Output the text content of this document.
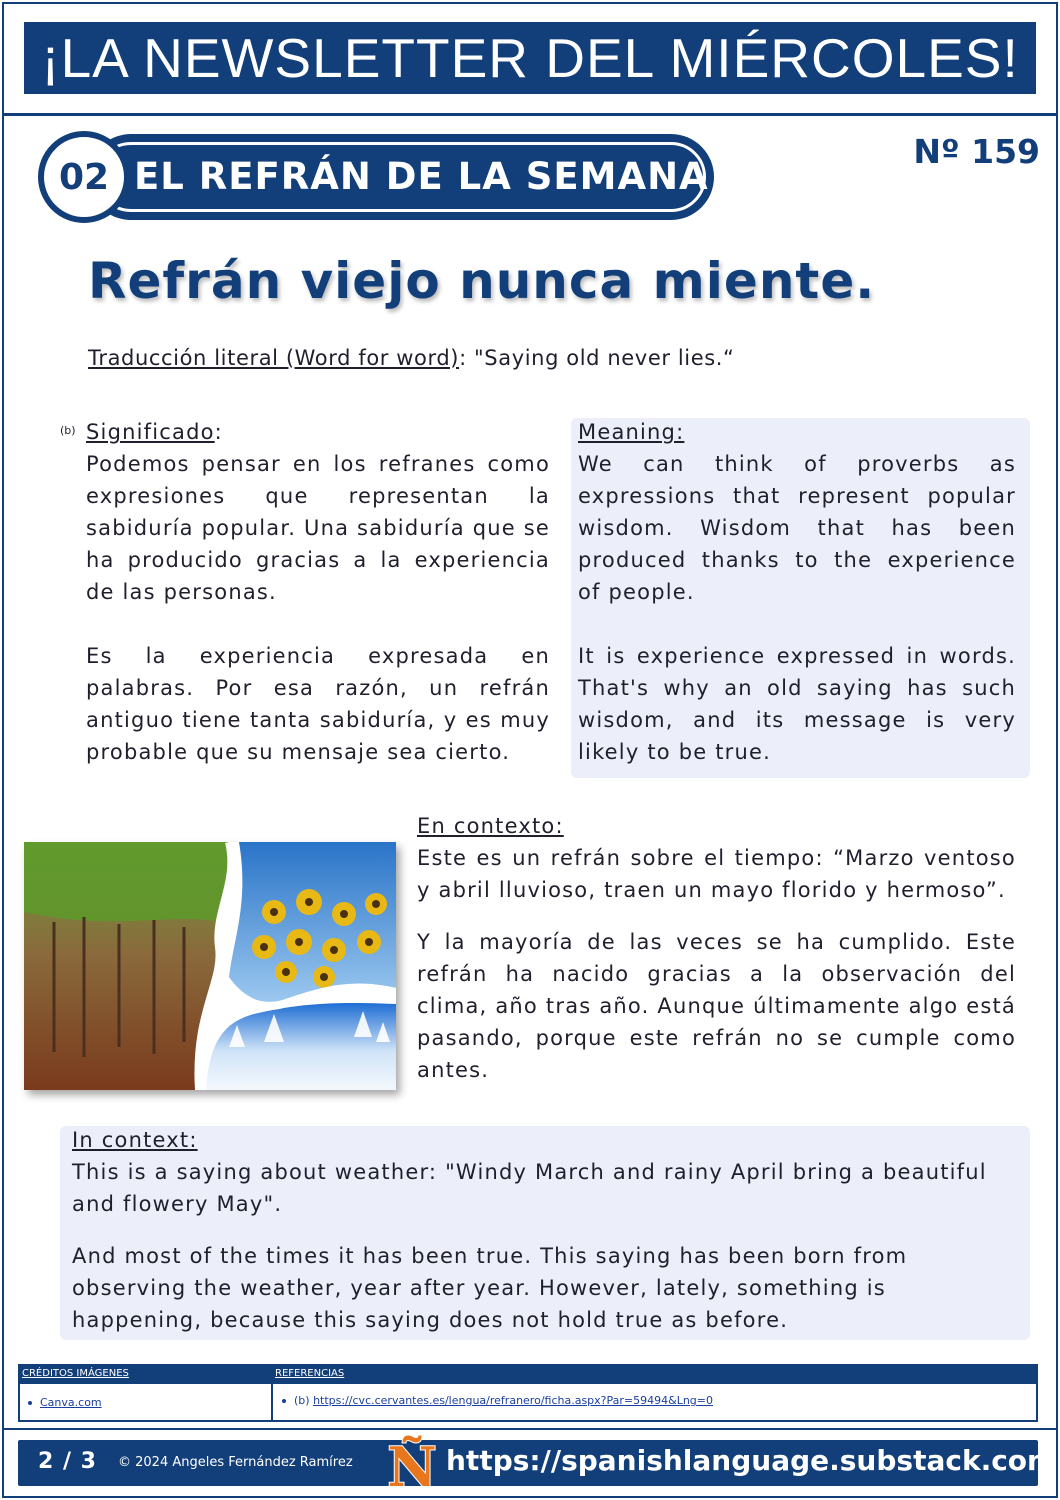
¡LA NEWSLETTER DEL MIÉRCOLES!
EL REFRÁN DE LA SEMANA
02
Nº 159
Refrán viejo nunca miente.
Traducción literal (Word for word): "Saying old never lies.“
(b) Significado:

Podemos pensar en los refranes como expresiones que representan la sabiduría popular. Una sabiduría que se ha producido gracias a la experiencia de las personas.

Es la experiencia expresada en palabras. Por esa razón, un refrán antiguo tiene tanta sabiduría, y es muy probable que su mensaje sea cierto.

Meaning:

We can think of proverbs as expressions that represent popular wisdom. Wisdom that has been produced thanks to the experience of people.

It is experience expressed in words. That's why an old saying has such wisdom, and its message is very likely to be true.

En contexto:

Este es un refrán sobre el tiempo: “Marzo ventoso y abril lluvioso, traen un mayo florido y hermoso”.

Y la mayoría de las veces se ha cumplido. Este refrán ha nacido gracias a la observación del clima, año tras año. Aunque últimamente algo está pasando, porque este refrán no se cumple como antes.

In context:

This is a saying about weather: "Windy March and rainy April bring a beautiful and flowery May".

And most of the times it has been true. This saying has been born from observing the weather, year after year. However, lately, something is happening, because this saying does not hold true as before.

CRÉDITOS IMÁGENES	REFERENCIAS
Canva.com	(b) https://cvc.cervantes.es/lengua/refranero/ficha.aspx?Par=59494&Lng=0
2 / 3 © 2024 Angeles Fernández Ramírez Ñ https://spanishlanguage.substack.com
